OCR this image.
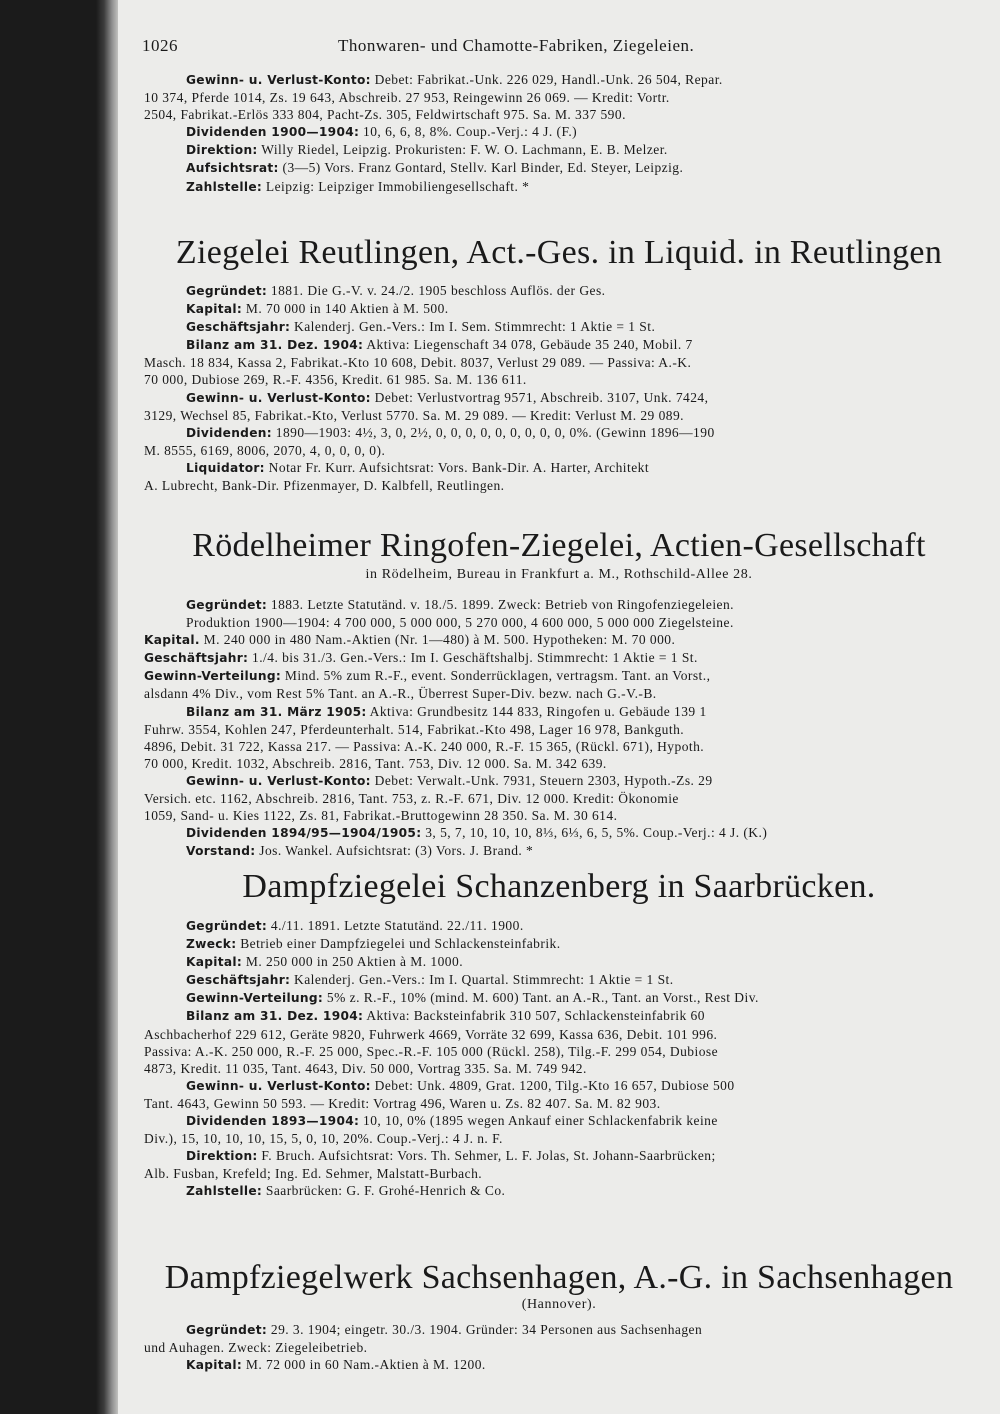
1026	Thonwaren- und Chamotte-Fabriken, Ziegeleien.
Gewinn- u. Verlust-Konto: Debet: Fabrikat.-Unk. 226 029, Handl.-Unk. 26 504, Repar.
10 374, Pferde 1014, Zs. 19 643, Abschreib. 27 953, Reingewinn 26 069. — Kredit: Vortr.
2504, Fabrikat.-Erlös 333 804, Pacht-Zs. 305, Feldwirtschaft 975. Sa. M. 337 590.
Dividenden 1900—1904: 10, 6, 6, 8, 8%. Coup.-Verj.: 4 J. (F.)
Direktion: Willy Riedel, Leipzig. Prokuristen: F. W. O. Lachmann, E. B. Melzer.
Aufsichtsrat: (3—5) Vors. Franz Gontard, Stellv. Karl Binder, Ed. Steyer, Leipzig.
Zahlstelle: Leipzig: Leipziger Immobiliengesellschaft. *
Ziegelei Reutlingen, Act.-Ges. in Liquid. in Reutlingen
Gegründet: 1881. Die G.-V. v. 24./2. 1905 beschloss Auflös. der Ges.
Kapital: M. 70 000 in 140 Aktien à M. 500.
Geschäftsjahr: Kalenderj. Gen.-Vers.: Im I. Sem. Stimmrecht: 1 Aktie = 1 St.
Bilanz am 31. Dez. 1904: Aktiva: Liegenschaft 34 078, Gebäude 35 240, Mobil. 7
Masch. 18 834, Kassa 2, Fabrikat.-Kto 10 608, Debit. 8037, Verlust 29 089. — Passiva: A.-K.
70 000, Dubiose 269, R.-F. 4356, Kredit. 61 985. Sa. M. 136 611.
Gewinn- u. Verlust-Konto: Debet: Verlustvortrag 9571, Abschreib. 3107, Unk. 7424,
3129, Wechsel 85, Fabrikat.-Kto, Verlust 5770. Sa. M. 29 089. — Kredit: Verlust M. 29 089.
Dividenden: 1890—1903: 4½, 3, 0, 2½, 0, 0, 0, 0, 0, 0, 0, 0, 0, 0%. (Gewinn 1896—190
M. 8555, 6169, 8006, 2070, 4, 0, 0, 0, 0).
Liquidator: Notar Fr. Kurr. Aufsichtsrat: Vors. Bank-Dir. A. Harter, Architekt
A. Lubrecht, Bank-Dir. Pfizenmayer, D. Kalbfell, Reutlingen.
Rödelheimer Ringofen-Ziegelei, Actien-Gesellschaft
in Rödelheim, Bureau in Frankfurt a. M., Rothschild-Allee 28.
Gegründet: 1883. Letzte Statutänd. v. 18./5. 1899. Zweck: Betrieb von Ringofenziegeleien.
Produktion 1900—1904: 4 700 000, 5 000 000, 5 270 000, 4 600 000, 5 000 000 Ziegelsteine.
Kapital. M. 240 000 in 480 Nam.-Aktien (Nr. 1—480) à M. 500. Hypotheken: M. 70 000.
Geschäftsjahr: 1./4. bis 31./3. Gen.-Vers.: Im I. Geschäftshalbj. Stimmrecht: 1 Aktie = 1 St.
Gewinn-Verteilung: Mind. 5% zum R.-F., event. Sonderrücklagen, vertragsm. Tant. an Vorst.,
alsdann 4% Div., vom Rest 5% Tant. an A.-R., Überrest Super-Div. bezw. nach G.-V.-B.
Bilanz am 31. März 1905: Aktiva: Grundbesitz 144 833, Ringofen u. Gebäude 139 1
Fuhrw. 3554, Kohlen 247, Pferdeunterhalt. 514, Fabrikat.-Kto 498, Lager 16 978, Bankguth.
4896, Debit. 31 722, Kassa 217. — Passiva: A.-K. 240 000, R.-F. 15 365, (Rückl. 671), Hypoth.
70 000, Kredit. 1032, Abschreib. 2816, Tant. 753, Div. 12 000. Sa. M. 342 639.
Gewinn- u. Verlust-Konto: Debet: Verwalt.-Unk. 7931, Steuern 2303, Hypoth.-Zs. 29
Versich. etc. 1162, Abschreib. 2816, Tant. 753, z. R.-F. 671, Div. 12 000. Kredit: Ökonomie
1059, Sand- u. Kies 1122, Zs. 81, Fabrikat.-Bruttogewinn 28 350. Sa. M. 30 614.
Dividenden 1894/95—1904/1905: 3, 5, 7, 10, 10, 10, 8⅓, 6⅓, 6, 5, 5%. Coup.-Verj.: 4 J. (K.)
Vorstand: Jos. Wankel. Aufsichtsrat: (3) Vors. J. Brand. *
Dampfziegelei Schanzenberg in Saarbrücken.
Gegründet: 4./11. 1891. Letzte Statutänd. 22./11. 1900.
Zweck: Betrieb einer Dampfziegelei und Schlackensteinfabrik.
Kapital: M. 250 000 in 250 Aktien à M. 1000.
Geschäftsjahr: Kalenderj. Gen.-Vers.: Im I. Quartal. Stimmrecht: 1 Aktie = 1 St.
Gewinn-Verteilung: 5% z. R.-F., 10% (mind. M. 600) Tant. an A.-R., Tant. an Vorst., Rest Div.
Bilanz am 31. Dez. 1904: Aktiva: Backsteinfabrik 310 507, Schlackensteinfabrik 60
Aschbacherhof 229 612, Geräte 9820, Fuhrwerk 4669, Vorräte 32 699, Kassa 636, Debit. 101 996.
Passiva: A.-K. 250 000, R.-F. 25 000, Spec.-R.-F. 105 000 (Rückl. 258), Tilg.-F. 299 054, Dubiose
4873, Kredit. 11 035, Tant. 4643, Div. 50 000, Vortrag 335. Sa. M. 749 942.
Gewinn- u. Verlust-Konto: Debet: Unk. 4809, Grat. 1200, Tilg.-Kto 16 657, Dubiose 500
Tant. 4643, Gewinn 50 593. — Kredit: Vortrag 496, Waren u. Zs. 82 407. Sa. M. 82 903.
Dividenden 1893—1904: 10, 10, 0% (1895 wegen Ankauf einer Schlackenfabrik keine
Div.), 15, 10, 10, 10, 15, 5, 0, 10, 20%. Coup.-Verj.: 4 J. n. F.
Direktion: F. Bruch. Aufsichtsrat: Vors. Th. Sehmer, L. F. Jolas, St. Johann-Saarbrücken;
Alb. Fusban, Krefeld; Ing. Ed. Sehmer, Malstatt-Burbach.
Zahlstelle: Saarbrücken: G. F. Grohé-Henrich & Co.
Dampfziegelwerk Sachsenhagen, A.-G. in Sachsenhagen
(Hannover).
Gegründet: 29. 3. 1904; eingetr. 30./3. 1904. Gründer: 34 Personen aus Sachsenhagen
und Auhagen. Zweck: Ziegeleibetrieb.
Kapital: M. 72 000 in 60 Nam.-Aktien à M. 1200.
